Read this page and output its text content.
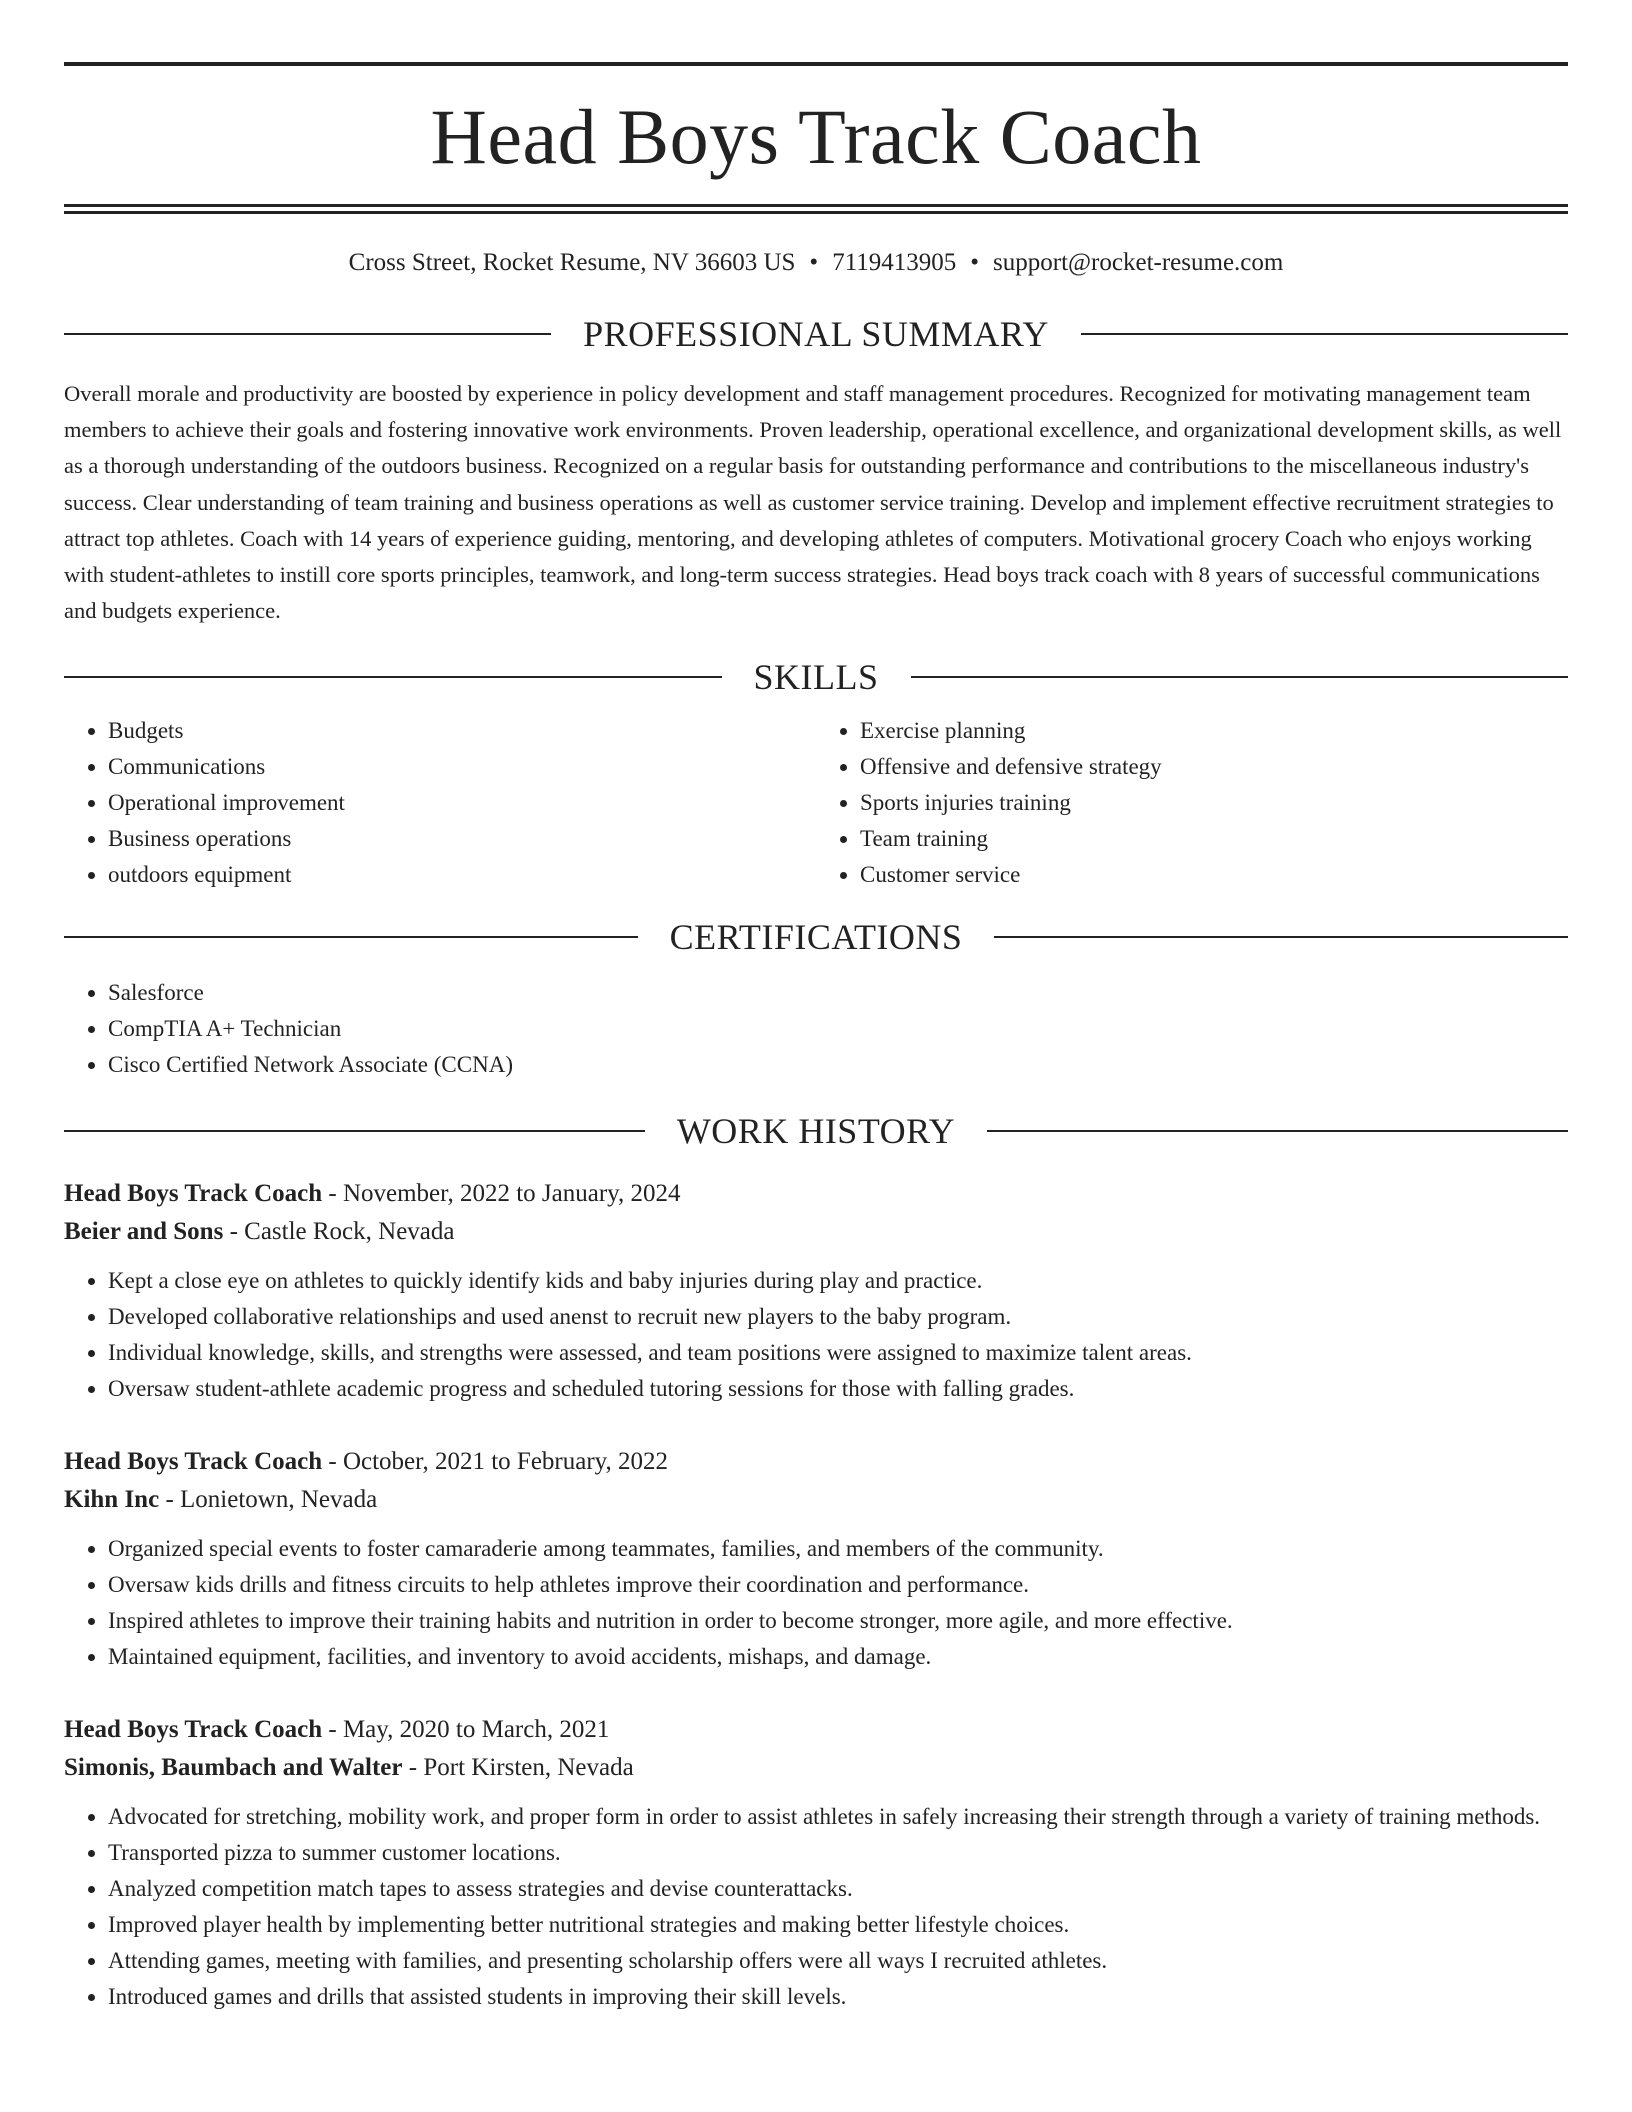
Head Boys Track Coach
Cross Street, Rocket Resume, NV 36603 US • 7119413905 • support@rocket-resume.com
PROFESSIONAL SUMMARY

Overall morale and productivity are boosted by experience in policy development and staff management procedures. Recognized for motivating management team members to achieve their goals and fostering innovative work environments. Proven leadership, operational excellence, and organizational development skills, as well as a thorough understanding of the outdoors business. Recognized on a regular basis for outstanding performance and contributions to the miscellaneous industry's success. Clear understanding of team training and business operations as well as customer service training. Develop and implement effective recruitment strategies to attract top athletes. Coach with 14 years of experience guiding, mentoring, and developing athletes of computers. Motivational grocery Coach who enjoys working with student-athletes to instill core sports principles, teamwork, and long-term success strategies. Head boys track coach with 8 years of successful communications and budgets experience.

SKILLS
• Budgets
• Communications
• Operational improvement
• Business operations
• outdoors equipment
• Exercise planning
• Offensive and defensive strategy
• Sports injuries training
• Team training
• Customer service
CERTIFICATIONS
• Salesforce
• CompTIA A+ Technician
• Cisco Certified Network Associate (CCNA)
WORK HISTORY
Head Boys Track Coach - November, 2022 to January, 2024
Beier and Sons - Castle Rock, Nevada
• Kept a close eye on athletes to quickly identify kids and baby injuries during play and practice.
• Developed collaborative relationships and used anenst to recruit new players to the baby program.
• Individual knowledge, skills, and strengths were assessed, and team positions were assigned to maximize talent areas.
• Oversaw student-athlete academic progress and scheduled tutoring sessions for those with falling grades.
Head Boys Track Coach - October, 2021 to February, 2022
Kihn Inc - Lonietown, Nevada
• Organized special events to foster camaraderie among teammates, families, and members of the community.
• Oversaw kids drills and fitness circuits to help athletes improve their coordination and performance.
• Inspired athletes to improve their training habits and nutrition in order to become stronger, more agile, and more effective.
• Maintained equipment, facilities, and inventory to avoid accidents, mishaps, and damage.
Head Boys Track Coach - May, 2020 to March, 2021
Simonis, Baumbach and Walter - Port Kirsten, Nevada
• Advocated for stretching, mobility work, and proper form in order to assist athletes in safely increasing their strength through a variety of training methods.
• Transported pizza to summer customer locations.
• Analyzed competition match tapes to assess strategies and devise counterattacks.
• Improved player health by implementing better nutritional strategies and making better lifestyle choices.
• Attending games, meeting with families, and presenting scholarship offers were all ways I recruited athletes.
• Introduced games and drills that assisted students in improving their skill levels.
